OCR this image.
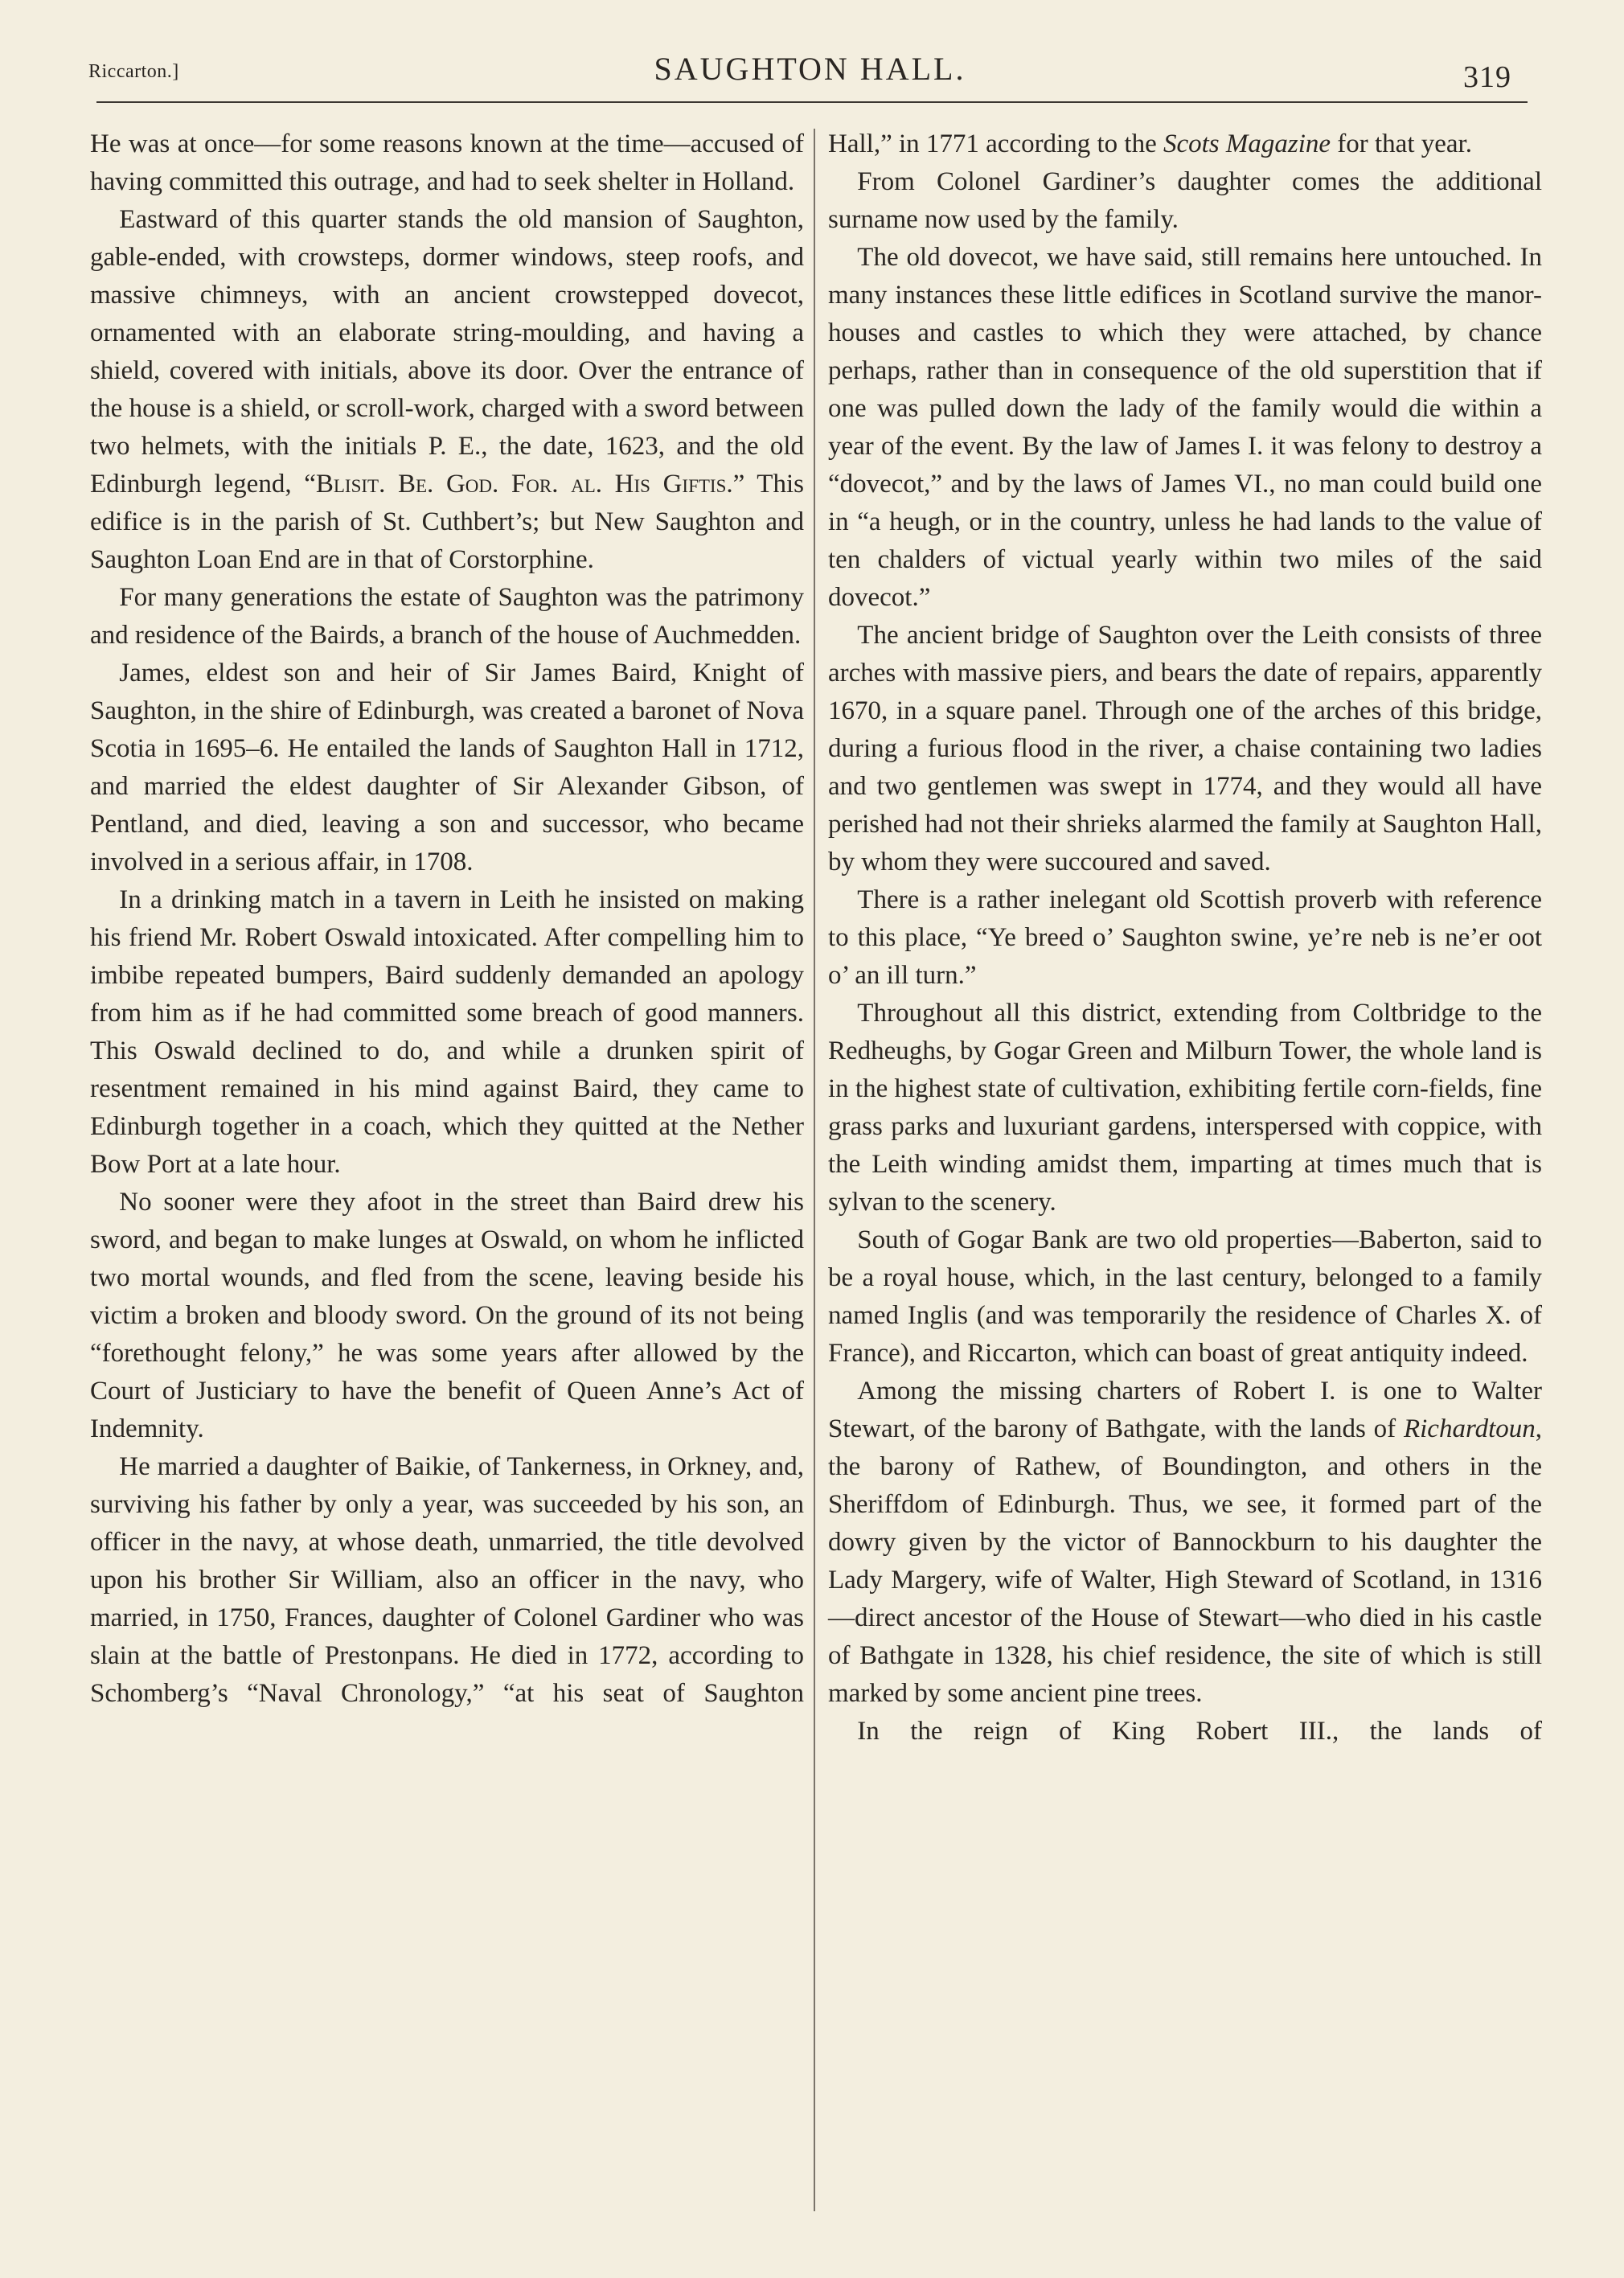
Riccarton.]	SAUGHTON HALL.	319

He was at once—for some reasons known at the time—accused of having committed this outrage, and had to seek shelter in Holland.

Eastward of this quarter stands the old mansion of Saughton, gable-ended, with crowsteps, dormer windows, steep roofs, and massive chimneys, with an ancient crowstepped dovecot, ornamented with an elaborate string-moulding, and having a shield, covered with initials, above its door. Over the entrance of the house is a shield, or scroll-work, charged with a sword between two helmets, with the initials P. E., the date, 1623, and the old Edinburgh legend, “Blisit. Be. God. For. al. His Giftis.” This edifice is in the parish of St. Cuthbert’s; but New Saughton and Saughton Loan End are in that of Corstorphine.

For many generations the estate of Saughton was the patrimony and residence of the Bairds, a branch of the house of Auchmedden.

James, eldest son and heir of Sir James Baird, Knight of Saughton, in the shire of Edinburgh, was created a baronet of Nova Scotia in 1695–6. He entailed the lands of Saughton Hall in 1712, and married the eldest daughter of Sir Alexander Gibson, of Pentland, and died, leaving a son and successor, who became involved in a serious affair, in 1708.

In a drinking match in a tavern in Leith he insisted on making his friend Mr. Robert Oswald intoxicated. After compelling him to imbibe repeated bumpers, Baird suddenly demanded an apology from him as if he had committed some breach of good manners. This Oswald declined to do, and while a drunken spirit of resentment remained in his mind against Baird, they came to Edinburgh together in a coach, which they quitted at the Nether Bow Port at a late hour.

No sooner were they afoot in the street than Baird drew his sword, and began to make lunges at Oswald, on whom he inflicted two mortal wounds, and fled from the scene, leaving beside his victim a broken and bloody sword. On the ground of its not being “forethought felony,” he was some years after allowed by the Court of Justiciary to have the benefit of Queen Anne’s Act of Indemnity.

He married a daughter of Baikie, of Tankerness, in Orkney, and, surviving his father by only a year, was succeeded by his son, an officer in the navy, at whose death, unmarried, the title devolved upon his brother Sir William, also an officer in the navy, who married, in 1750, Frances, daughter of Colonel Gardiner who was slain at the battle of Prestonpans. He died in 1772, according to Schomberg’s “Naval Chronology,” “at his seat of Saughton

Hall,” in 1771 according to the Scots Magazine for that year.

From Colonel Gardiner’s daughter comes the additional surname now used by the family.

The old dovecot, we have said, still remains here untouched. In many instances these little edifices in Scotland survive the manor-houses and castles to which they were attached, by chance perhaps, rather than in consequence of the old superstition that if one was pulled down the lady of the family would die within a year of the event. By the law of James I. it was felony to destroy a “dovecot,” and by the laws of James VI., no man could build one in “a heugh, or in the country, unless he had lands to the value of ten chalders of victual yearly within two miles of the said dovecot.”

The ancient bridge of Saughton over the Leith consists of three arches with massive piers, and bears the date of repairs, apparently 1670, in a square panel. Through one of the arches of this bridge, during a furious flood in the river, a chaise containing two ladies and two gentlemen was swept in 1774, and they would all have perished had not their shrieks alarmed the family at Saughton Hall, by whom they were succoured and saved.

There is a rather inelegant old Scottish proverb with reference to this place, “Ye breed o’ Saughton swine, ye’re neb is ne’er oot o’ an ill turn.”

Throughout all this district, extending from Coltbridge to the Redheughs, by Gogar Green and Milburn Tower, the whole land is in the highest state of cultivation, exhibiting fertile corn-fields, fine grass parks and luxuriant gardens, interspersed with coppice, with the Leith winding amidst them, imparting at times much that is sylvan to the scenery.

South of Gogar Bank are two old properties—Baberton, said to be a royal house, which, in the last century, belonged to a family named Inglis (and was temporarily the residence of Charles X. of France), and Riccarton, which can boast of great antiquity indeed.

Among the missing charters of Robert I. is one to Walter Stewart, of the barony of Bathgate, with the lands of Richardtoun, the barony of Rathew, of Boundington, and others in the Sheriffdom of Edinburgh. Thus, we see, it formed part of the dowry given by the victor of Bannockburn to his daughter the Lady Margery, wife of Walter, High Steward of Scotland, in 1316—direct ancestor of the House of Stewart—who died in his castle of Bathgate in 1328, his chief residence, the site of which is still marked by some ancient pine trees.

In the reign of King Robert III., the lands of
